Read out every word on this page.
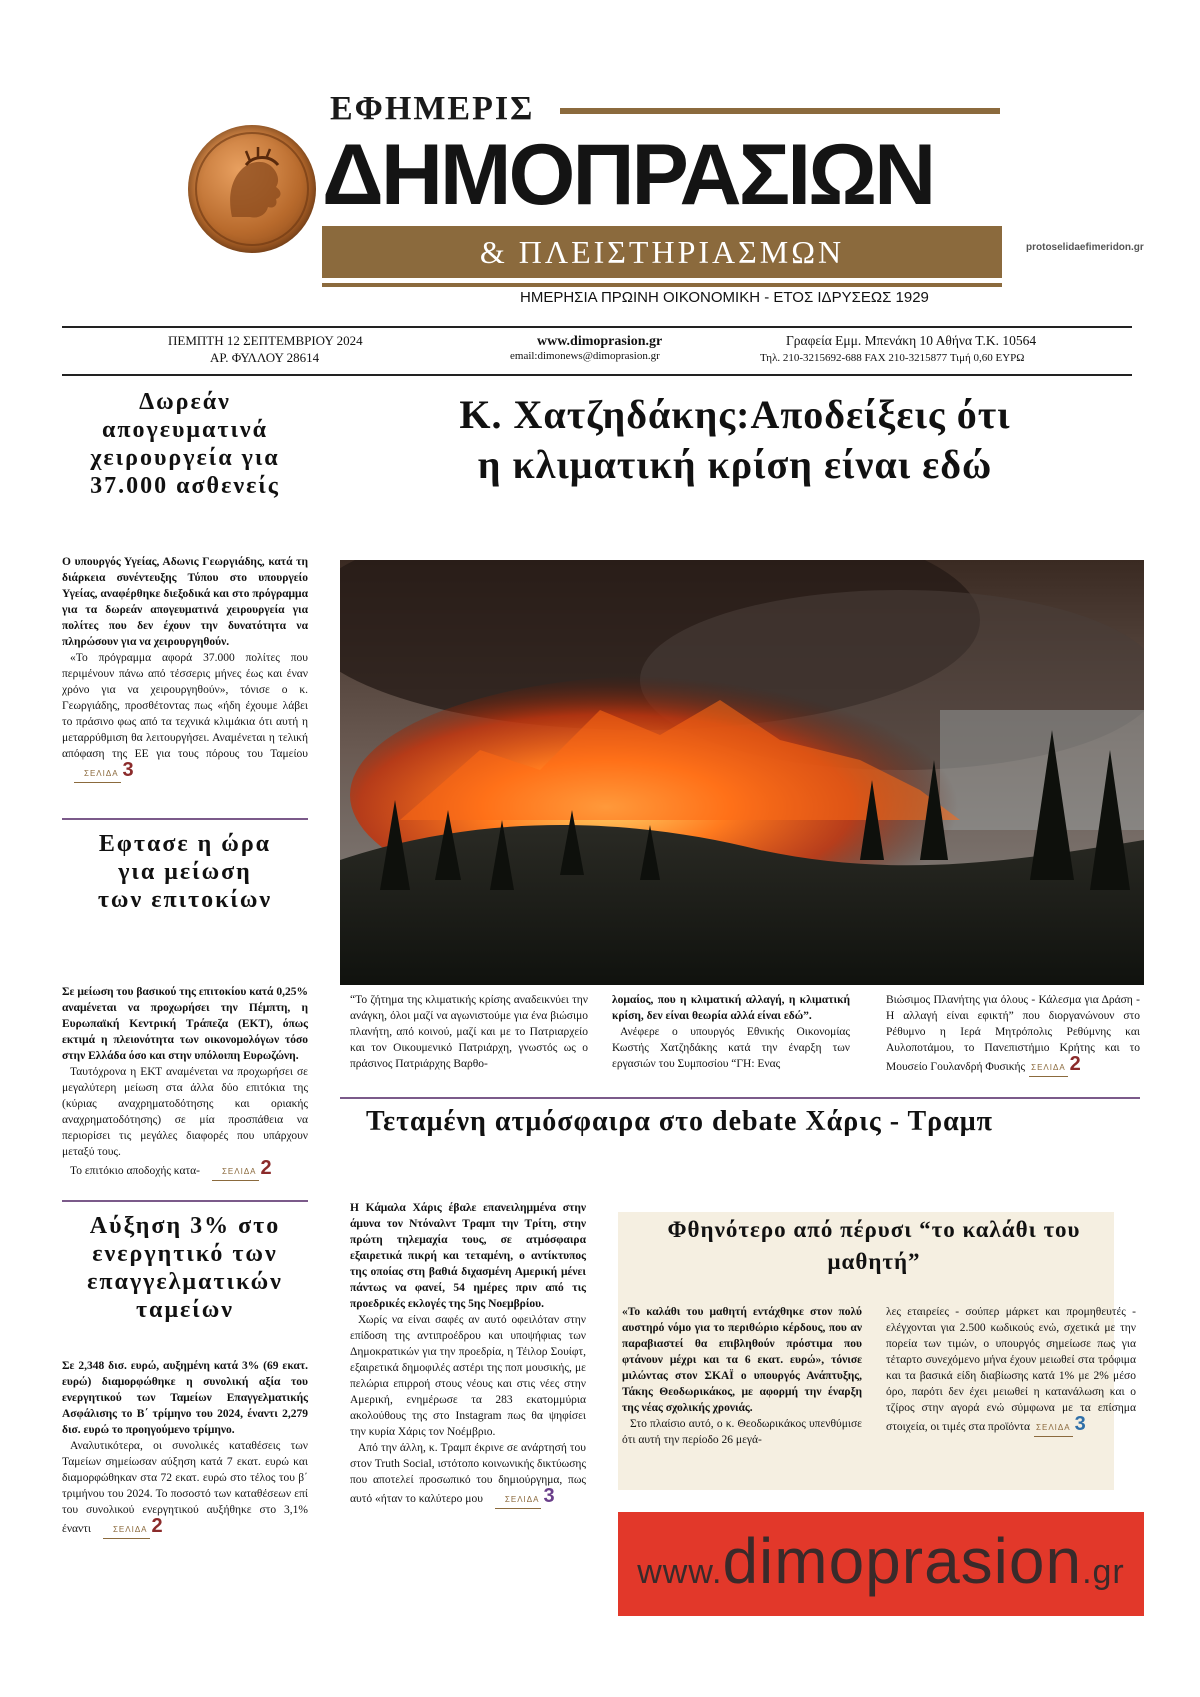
ΕΦΗΜΕΡΙΣ
ΔΗΜΟΠΡΑΣΙΩΝ
& ΠΛΕΙΣΤΗΡΙΑΣΜΩΝ
ΗΜΕΡΗΣΙΑ ΠΡΩΙΝΗ ΟΙΚΟΝΟΜΙΚΗ - ΕΤΟΣ ΙΔΡΥΣΕΩΣ 1929
protoselidaefimeridon.gr
ΠΕΜΠΤΗ 12 ΣΕΠΤΕΜΒΡΙΟΥ 2024
ΑΡ. ΦΥΛΛΟΥ 28614
www.dimoprasion.gr
email:dimonews@dimoprasion.gr
Γραφεία Εμμ. Μπενάκη 10 Αθήνα Τ.Κ. 10564
Τηλ. 210-3215692-688 FAX 210-3215877 Τιμή 0,60 ΕΥΡΩ
Δωρεάν απογευματινά χειρουργεία για 37.000 ασθενείς
Ο υπουργός Υγείας, Αδωνις Γεωργιάδης, κατά τη διάρκεια συνέντευξης Τύπου στο υπουργείο Υγείας, αναφέρθηκε διεξοδικά και στο πρόγραμμα για τα δωρεάν απογευματινά χειρουργεία για πολίτες που δεν έχουν την δυνατότητα να πληρώσουν για να χειρουργηθούν.
«Το πρόγραμμα αφορά 37.000 πολίτες που περιμένουν πάνω από τέσσερις μήνες έως και έναν χρόνο για να χειρουργηθούν», τόνισε ο κ. Γεωργιάδης, προσθέτοντας πως «ήδη έχουμε λάβει το πράσινο φως από τα τεχνικά κλιμάκια ότι αυτή η μεταρρύθμιση θα λειτουργήσει. Αναμένεται η τελική απόφαση της ΕΕ για τους πόρους του ΤαμείουΣΕΛΙΔΑ 3
Εφτασε η ώρα για μείωση των επιτοκίων
Σε μείωση του βασικού της επιτοκίου κατά 0,25% αναμένεται να προχωρήσει την Πέμπτη, η Ευρωπαϊκή Κεντρική Τράπεζα (ΕΚΤ), όπως εκτιμά η πλειονότητα των οικονομολόγων τόσο στην Ελλάδα όσο και στην υπόλοιπη Ευρωζώνη.
Ταυτόχρονα η ΕΚΤ αναμένεται να προχωρήσει σε μεγαλύτερη μείωση στα άλλα δύο επιτόκια της (κύριας αναχρηματοδότησης και οριακής αναχρηματοδότησης) σε μία προσπάθεια να περιορίσει τις μεγάλες διαφορές που υπάρχουν μεταξύ τους.
Το επιτόκιο αποδοχής κατα-	ΣΕΛΙΔΑ 2
Αύξηση 3% στο ενεργητικό των επαγγελματικών ταμείων
Σε 2,348 δισ. ευρώ, αυξημένη κατά 3% (69 εκατ. ευρώ) διαμορφώθηκε η συνολική αξία του ενεργητικού των Ταμείων Επαγγελματικής Ασφάλισης το Β΄ τρίμηνο του 2024, έναντι 2,279 δισ. ευρώ το προηγούμενο τρίμηνο.
Αναλυτικότερα, οι συνολικές καταθέσεις των Ταμείων σημείωσαν αύξηση κατά 7 εκατ. ευρώ και διαμορφώθηκαν στα 72 εκατ. ευρώ στο τέλος του β΄ τριμήνου του 2024. Το ποσοστό των καταθέσεων επί του συνολικού ενεργητικού αυξήθηκε στο 3,1% έναντι	ΣΕΛΙΔΑ 2
Κ. Χατζηδάκης:Αποδείξεις ότι
η κλιματική κρίση είναι εδώ
“Το ζήτημα της κλιματικής κρίσης αναδεικνύει την ανάγκη, όλοι μαζί να αγωνιστούμε για ένα βιώσιμο πλανήτη, από κοινού, μαζί και με το Πατριαρχείο και τον Οικουμενικό Πατριάρχη, γνωστός ως ο πράσινος Πατριάρχης Βαρθο-
λομαίος, που η κλιματική αλλαγή, η κλιματική κρίση, δεν είναι θεωρία αλλά είναι εδώ”.
Ανέφερε ο υπουργός Εθνικής Οικονομίας Κωστής Χατζηδάκης κατά την έναρξη των εργασιών του Συμποσίου “ΓΗ: Ενας
Βιώσιμος Πλανήτης για όλους - Κάλεσμα για Δράση - Η αλλαγή είναι εφικτή” που διοργανώνουν στο Ρέθυμνο η Ιερά Μητρόπολις Ρεθύμνης και Αυλοποτάμου, το Πανεπιστήμιο Κρήτης και το Μουσείο Γουλανδρή Φυσικής ΣΕΛΙΔΑ 2
Τεταμένη ατμόσφαιρα στο debate Χάρις - Τραμπ
Η Κάμαλα Χάρις έβαλε επανειλημμένα στην άμυνα τον Ντόναλντ Τραμπ την Τρίτη, στην πρώτη τηλεμαχία τους, σε ατμόσφαιρα εξαιρετικά πικρή και τεταμένη, ο αντίκτυπος της οποίας στη βαθιά διχασμένη Αμερική μένει πάντως να φανεί, 54 ημέρες πριν από τις προεδρικές εκλογές της 5ης Νοεμβρίου.
Χωρίς να είναι σαφές αν αυτό οφειλόταν στην επίδοση της αντιπροέδρου και υποψήφιας των Δημοκρατικών για την προεδρία, η Τέιλορ Σουίφτ, εξαιρετικά δημοφιλές αστέρι της ποπ μουσικής, με πελώρια επιρροή στους νέους και στις νέες στην Αμερική, ενημέρωσε τα 283 εκατομμύρια ακολούθους της στο Instagram πως θα ψηφίσει την κυρία Χάρις τον Νοέμβριο.
Από την άλλη, κ. Τραμπ έκρινε σε ανάρτησή του στον Truth Social, ιστότοπο κοινωνικής δικτύωσης που αποτελεί προσωπικό του δημιούργημα, πως αυτό «ήταν το καλύτερο μου	ΣΕΛΙΔΑ 3
Φθηνότερο από πέρυσι “το καλάθι του μαθητή”
«Το καλάθι του μαθητή εντάχθηκε στον πολύ αυστηρό νόμο για το περιθώριο κέρδους, που αν παραβιαστεί θα επιβληθούν πρόστιμα που φτάνουν μέχρι και τα 6 εκατ. ευρώ», τόνισε μιλώντας στον ΣΚΑΪ ο υπουργός Ανάπτυξης, Τάκης Θεοδωρικάκος, με αφορμή την έναρξη της νέας σχολικής χρονιάς.
Στο πλαίσιο αυτό, ο κ. Θεοδωρικάκος υπενθύμισε ότι αυτή την περίοδο 26 μεγά-
λες εταιρείες - σούπερ μάρκετ και προμηθευτές - ελέγχονται για 2.500 κωδικούς ενώ, σχετικά με την πορεία των τιμών, ο υπουργός σημείωσε πως για τέταρτο συνεχόμενο μήνα έχουν μειωθεί στα τρόφιμα και τα βασικά είδη διαβίωσης κατά 1% με 2% μέσο όρο, παρότι δεν έχει μειωθεί η κατανάλωση και ο τζίρος στην αγορά ενώ σύμφωνα με τα επίσημα στοιχεία, οι τιμές στα προϊόντα ΣΕΛΙΔΑ 3
www.dimoprasion.gr
